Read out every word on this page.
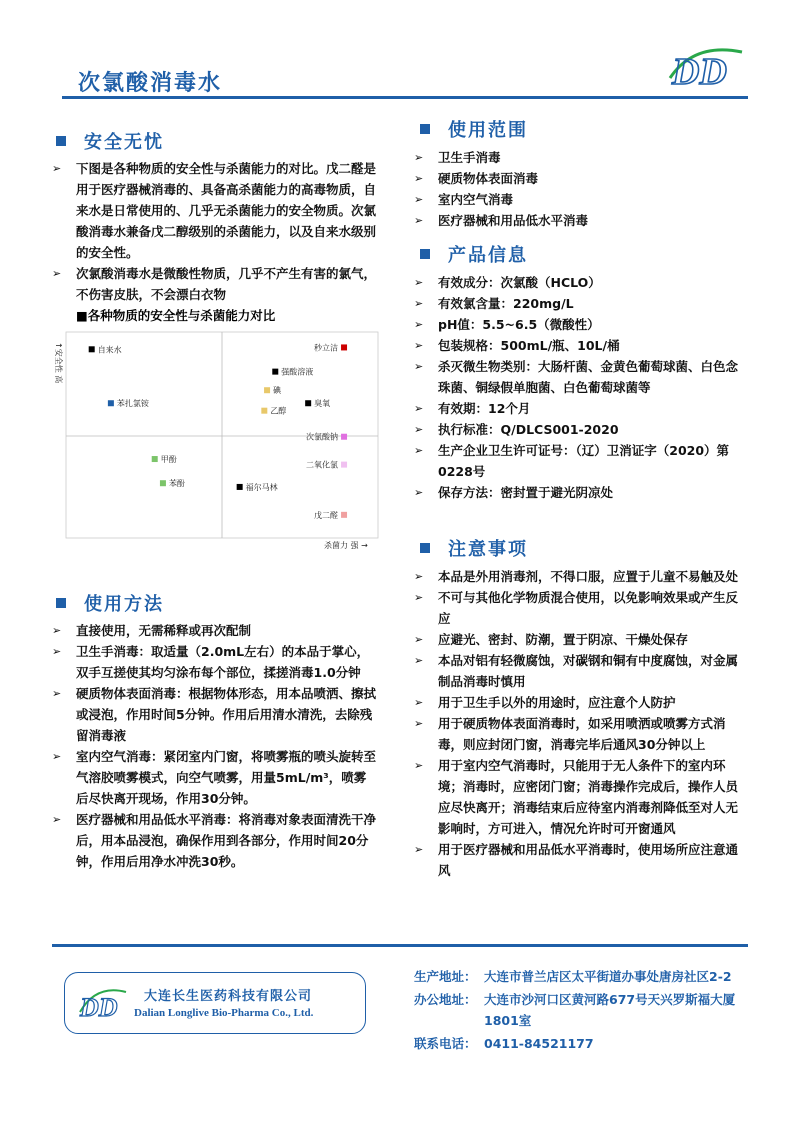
次氯酸消毒水	DD
安全无忧
➢ 下图是各种物质的安全性与杀菌能力的对比。戊二醛是用于医疗器械消毒的、具备高杀菌能力的高毒物质，自来水是日常使用的、几乎无杀菌能力的安全物质。次氯酸消毒水兼备戊二醇级别的杀菌能力，以及自来水级别的安全性。
➢ 次氯酸消毒水是微酸性物质，几乎不产生有害的氯气，不伤害皮肤，不会漂白衣物
■各种物质的安全性与杀菌能力对比
↑安全性 高
杀菌力 强 →
自来水	秒立洁
强酸溶液
碘
苯扎氯铵	臭氧
乙醇
次氯酸钠
甲酚
二氧化氯
苯酚	福尔马林
戊二醛
使用方法
➢ 直接使用，无需稀释或再次配制
➢ 卫生手消毒：取适量（2.0mL左右）的本品于掌心，双手互搓使其均匀涂布每个部位，揉搓消毒1.0分钟
➢ 硬质物体表面消毒：根据物体形态，用本品喷洒、擦拭或浸泡，作用时间5分钟。作用后用清水清洗，去除残留消毒液
➢ 室内空气消毒：紧闭室内门窗，将喷雾瓶的喷头旋转至气溶胶喷雾模式，向空气喷雾，用量5mL/m³，喷雾后尽快离开现场，作用30分钟。
➢ 医疗器械和用品低水平消毒：将消毒对象表面清洗干净后，用本品浸泡，确保作用到各部分，作用时间20分钟，作用后用净水冲洗30秒。
使用范围
➢ 卫生手消毒
➢ 硬质物体表面消毒
➢ 室内空气消毒
➢ 医疗器械和用品低水平消毒
产品信息
➢ 有效成分：次氯酸（HCLO）
➢ 有效氯含量：220mg/L
➢ pH值：5.5~6.5（微酸性）
➢ 包装规格：500mL/瓶、10L/桶
➢ 杀灭微生物类别：大肠杆菌、金黄色葡萄球菌、白色念珠菌、铜绿假单胞菌、白色葡萄球菌等
➢ 有效期：12个月
➢ 执行标准：Q/DLCS001-2020
➢ 生产企业卫生许可证号：（辽）卫消证字（2020）第0228号
➢ 保存方法：密封置于避光阴凉处
注意事项
➢ 本品是外用消毒剂，不得口服，应置于儿童不易触及处
➢ 不可与其他化学物质混合使用，以免影响效果或产生反应
➢ 应避光、密封、防潮，置于阴凉、干燥处保存
➢ 本品对铝有轻微腐蚀，对碳钢和铜有中度腐蚀，对金属制品消毒时慎用
➢ 用于卫生手以外的用途时，应注意个人防护
➢ 用于硬质物体表面消毒时，如采用喷洒或喷雾方式消毒，则应封闭门窗，消毒完毕后通风30分钟以上
➢ 用于室内空气消毒时，只能用于无人条件下的室内环境；消毒时，应密闭门窗；消毒操作完成后，操作人员应尽快离开；消毒结束后应待室内消毒剂降低至对人无影响时，方可进入，情况允许时可开窗通风
➢ 用于医疗器械和用品低水平消毒时，使用场所应注意通风
DD 大连长生医药科技有限公司
Dalian Longlive Bio-Pharma Co., Ltd.
生产地址： 大连市普兰店区太平街道办事处唐房社区2-2
办公地址： 大连市沙河口区黄河路677号天兴罗斯福大厦1801室
联系电话： 0411-84521177
